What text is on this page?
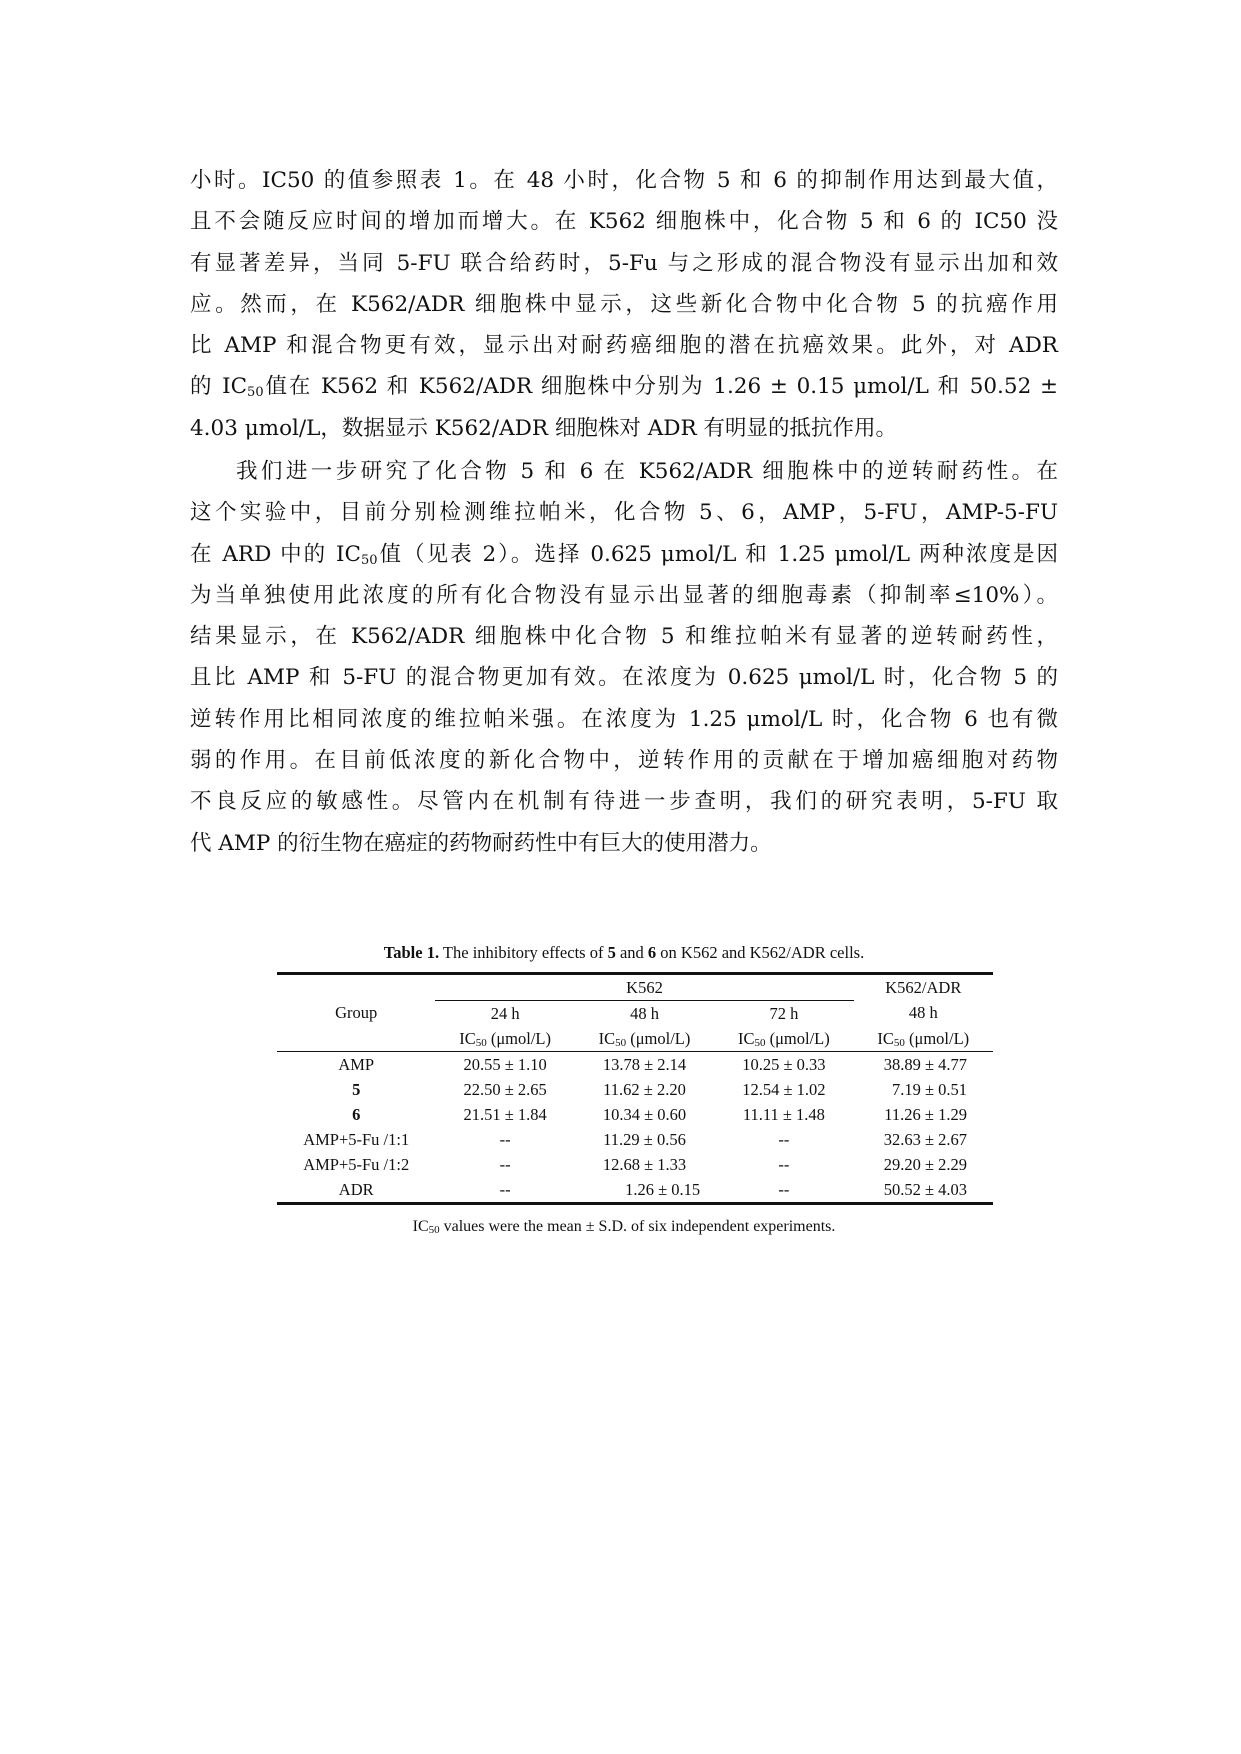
小时。IC50 的值参照表 1。在 48 小时，化合物 5 和 6 的抑制作用达到最大值，
且不会随反应时间的增加而增大。在 K562 细胞株中，化合物 5 和 6 的 IC50 没
有显著差异，当同 5-FU 联合给药时，5-Fu 与之形成的混合物没有显示出加和效
应。然而，在 K562/ADR 细胞株中显示，这些新化合物中化合物 5 的抗癌作用
比 AMP 和混合物更有效，显示出对耐药癌细胞的潜在抗癌效果。此外，对 ADR
的 $IC_{50}$值在 K562 和 K562/ADR 细胞株中分别为 1.26 ± 0.15 μmol/L 和 50.52 ±
4.03 μmol/L，数据显示 K562/ADR 细胞株对 ADR 有明显的抵抗作用。
我们进一步研究了化合物 5 和 6 在 K562/ADR 细胞株中的逆转耐药性。在
这个实验中，目前分别检测维拉帕米，化合物 5、6，AMP，5-FU，AMP-5-FU
在 ARD 中的 $IC_{50}$值（见表 2）。选择 0.625 μmol/L 和 1.25 μmol/L 两种浓度是因
为当单独使用此浓度的所有化合物没有显示出显著的细胞毒素（抑制率≤10%）。
结果显示，在 K562/ADR 细胞株中化合物 5 和维拉帕米有显著的逆转耐药性，
且比 AMP 和 5-FU 的混合物更加有效。在浓度为 0.625 μmol/L 时，化合物 5 的
逆转作用比相同浓度的维拉帕米强。在浓度为 1.25 μmol/L 时，化合物 6 也有微
弱的作用。在目前低浓度的新化合物中，逆转作用的贡献在于增加癌细胞对药物
不良反应的敏感性。尽管内在机制有待进一步查明，我们的研究表明，5-FU 取
代 AMP 的衍生物在癌症的药物耐药性中有巨大的使用潜力。

Table 1. The inhibitory effects of 5 and 6 on K562 and K562/ADR cells.

Group	K562			K562/ADR
	24 h	48 h	72 h	48 h
	$IC_{50}$ (μmol/L)	$IC_{50}$ (μmol/L)	$IC_{50}$ (μmol/L)	$IC_{50}$ (μmol/L)
AMP	20.55 ± 1.10	13.78 ± 2.14	10.25 ± 0.33	38.89 ± 4.77
5	22.50 ± 2.65	11.62 ± 2.20	12.54 ± 1.02	7.19 ± 0.51
6	21.51 ± 1.84	10.34 ± 0.60	11.11 ± 1.48	11.26 ± 1.29
AMP+5-Fu /1:1	--	11.29 ± 0.56	--	32.63 ± 2.67
AMP+5-Fu /1:2	--	12.68 ± 1.33	--	29.20 ± 2.29
ADR	--	1.26 ± 0.15	--	50.52 ± 4.03

$IC_{50}$ values were the mean ± S.D. of six independent experiments.
